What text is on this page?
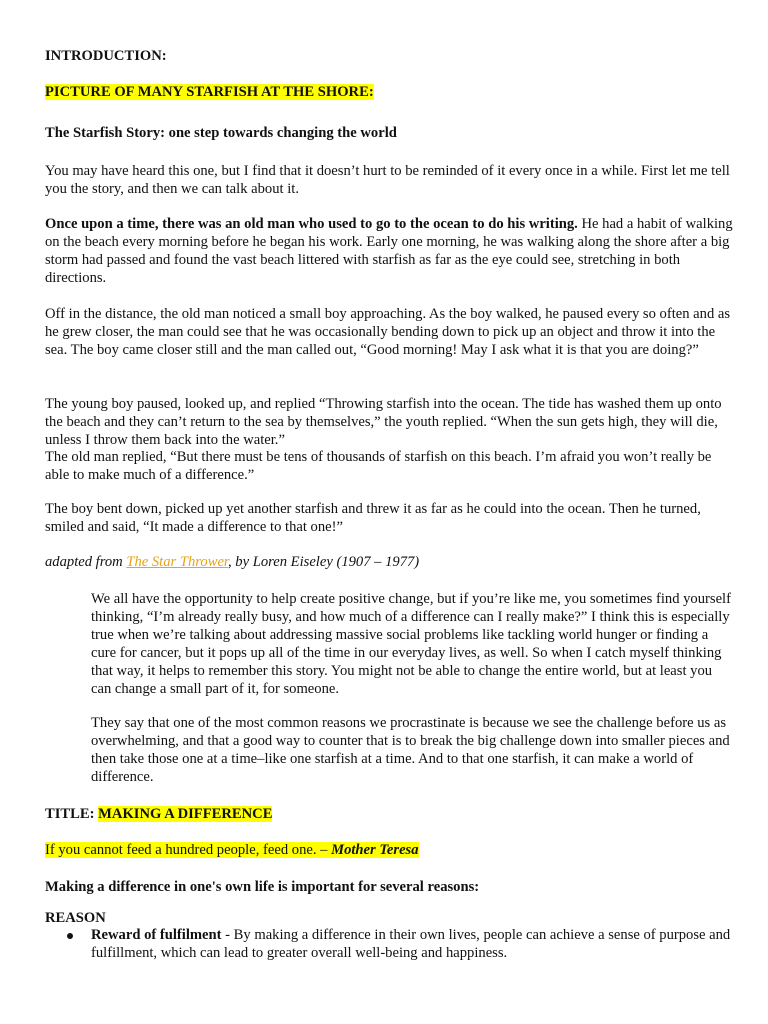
INTRODUCTION:

PICTURE OF MANY STARFISH AT THE SHORE:

The Starfish Story: one step towards changing the world

You may have heard this one, but I find that it doesn’t hurt to be reminded of it every once in a while. First let me tell you the story, and then we can talk about it.

Once upon a time, there was an old man who used to go to the ocean to do his writing. He had a habit of walking on the beach every morning before he began his work. Early one morning, he was walking along the shore after a big storm had passed and found the vast beach littered with starfish as far as the eye could see, stretching in both directions.

Off in the distance, the old man noticed a small boy approaching. As the boy walked, he paused every so often and as he grew closer, the man could see that he was occasionally bending down to pick up an object and throw it into the sea. The boy came closer still and the man called out, “Good morning! May I ask what it is that you are doing?”

The young boy paused, looked up, and replied “Throwing starfish into the ocean. The tide has washed them up onto the beach and they can’t return to the sea by themselves,” the youth replied. “When the sun gets high, they will die, unless I throw them back into the water.”

The old man replied, “But there must be tens of thousands of starfish on this beach. I’m afraid you won’t really be able to make much of a difference.”

The boy bent down, picked up yet another starfish and threw it as far as he could into the ocean. Then he turned, smiled and said, “It made a difference to that one!”

adapted from The Star Thrower, by Loren Eiseley (1907 – 1977)

We all have the opportunity to help create positive change, but if you’re like me, you sometimes find yourself thinking, “I’m already really busy, and how much of a difference can I really make?” I think this is especially true when we’re talking about addressing massive social problems like tackling world hunger or finding a cure for cancer, but it pops up all of the time in our everyday lives, as well. So when I catch myself thinking that way, it helps to remember this story. You might not be able to change the entire world, but at least you can change a small part of it, for someone.

They say that one of the most common reasons we procrastinate is because we see the challenge before us as overwhelming, and that a good way to counter that is to break the big challenge down into smaller pieces and then take those one at a time–like one starfish at a time. And to that one starfish, it can make a world of difference.

TITLE: MAKING A DIFFERENCE

If you cannot feed a hundred people, feed one. – Mother Teresa

Making a difference in one's own life is important for several reasons:

REASON

Reward of fulfilment - By making a difference in their own lives, people can achieve a sense of purpose and fulfillment, which can lead to greater overall well-being and happiness.
